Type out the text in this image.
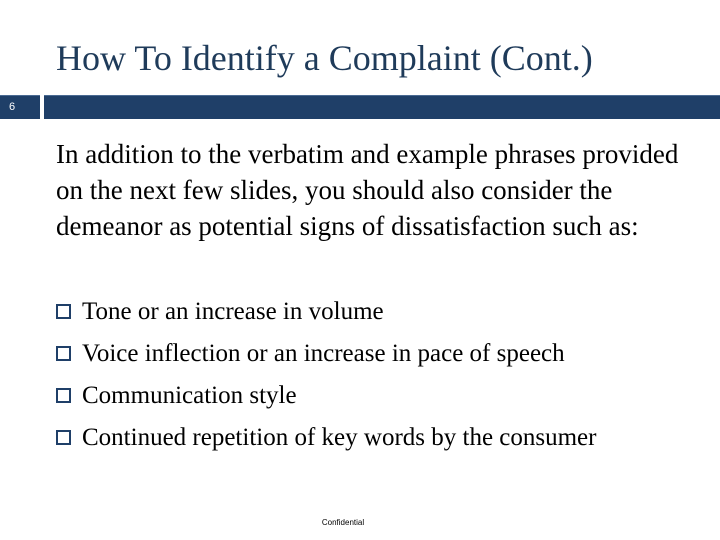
How To Identify a Complaint (Cont.)
6
In addition to the verbatim and example phrases provided on the next few slides, you should also consider the demeanor as potential signs of dissatisfaction such as:
Tone or an increase in volume
Voice inflection or an increase in pace of speech
Communication style
Continued repetition of key words by the consumer
Confidential
